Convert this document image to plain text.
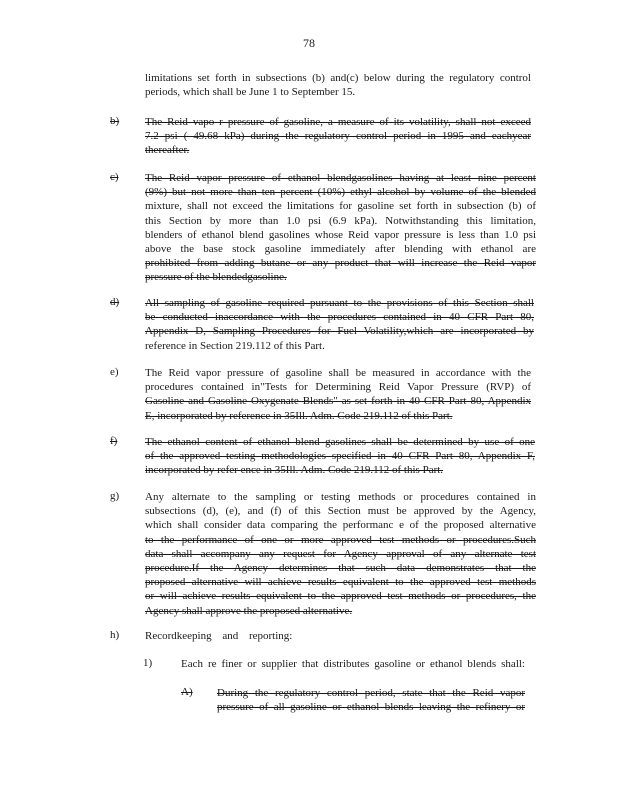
78
limitations set forth in subsections (b) and(c) below during the regulatory control
periods, which shall be June 1 to September 15.
b) The Reid vapo r pressure of gasoline, a measure of its volatility, shall not exceed
7.2 psi ( 49.68 kPa) during the regulatory control period in 1995 and eachyear
thereafter.
c) The Reid vapor pressure of ethanol blendgasolines having at least nine percent
(9%) but not more than ten percent (10%) ethyl alcohol by volume of the blended
mixture, shall not exceed the limitations for gasoline set forth in subsection (b) of
this Section by more than 1.0 psi (6.9 kPa). Notwithstanding this limitation,
blenders of ethanol blend gasolines whose Reid vapor pressure is less than 1.0 psi
above the base stock gasoline immediately after blending with ethanol are
prohibited from adding butane or any product that will increase the Reid vapor
pressure of the blendedgasoline.
d) All sampling of gasoline required pursuant to the provisions of this Section shall
be conducted inaccordance with the procedures contained in 40 CFR Part 80,
Appendix D, Sampling Procedures for Fuel Volatility,which are incorporated by
reference in Section 219.112 of this Part.
e) The Reid vapor pressure of gasoline shall be measured in accordance with the
procedures contained in"Tests for Determining Reid Vapor Pressure (RVP) of
Gasoline and Gasoline Oxygenate Blends" as set forth in 40 CFR Part 80, Appendix
E, incorporated by reference in 35Ill. Adm. Code 219.112 of this Part.
f)	The ethanol content of ethanol blend gasolines shall be determined by use of one
of the approved testing methodologies specified in 40 CFR Part 80, Appendix F,
incorporated by refer ence in 35Ill. Adm. Code 219.112 of this Part.
g) Any alternate to the sampling or testing methods or procedures contained in
subsections (d), (e), and (f) of this Section must be approved by the Agency,
which shall consider data comparing the performanc e of the proposed alternative
to the performance of one or more approved test methods or procedures.Such
data shall accompany any request for Agency approval of any alternate test
procedure.If the Agency determines that such data demonstrates that the
proposed alternative will achieve results equivalent to the approved test methods
or will achieve results equivalent to the approved test methods or procedures, the
Agency shall approve the proposed alternative.
h) Recordkeeping and reporting:
1)	Each re finer or supplier that distributes gasoline or ethanol blends shall:
A) During the regulatory control period, state that the Reid vapor
pressure of all gasoline or ethanol blends leaving the refinery or
